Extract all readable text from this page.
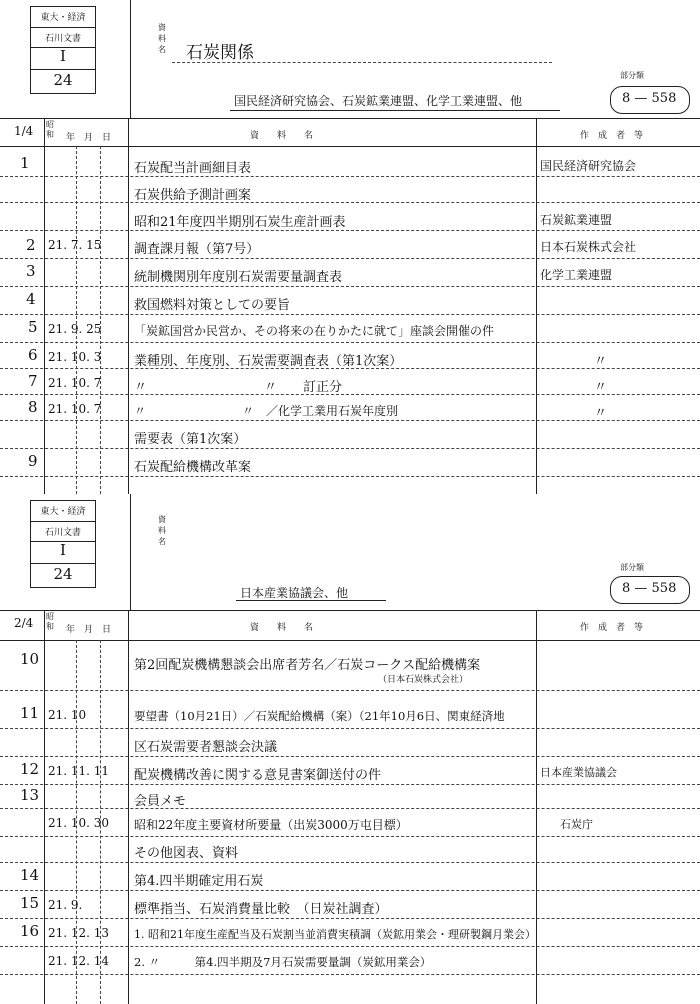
東大・経済
石川文書
I
24
資料名 石炭関係
国民経済研究協会、石炭鉱業連盟、化学工業連盟、他
部分類
8 — 558
1/4 昭和 年　月　日	資　　料　　名	作　成　者　等
1	石炭配当計画細目表	国民経済研究協会
石炭供給予測計画案
昭和21年度四半期別石炭生産計画表	石炭鉱業連盟
2 21. 7. 15	調査課月報（第7号）	日本石炭株式会社
3	統制機関別年度別石炭需要量調査表	化学工業連盟
4	救国燃料対策としての要旨
5 21. 9. 25	「炭鉱国営か民営か、その将来の在りかたに就て」座談会開催の件
6 21. 10. 3	業種別、年度別、石炭需要調査表（第1次案）	〃
7 21. 10. 7	〃　　　　　　　　　〃　　訂正分	〃
8 21. 10. 7	〃　　　　　　　　〃　／化学工業用石炭年度別	〃
需要表（第1次案）
9	石炭配給機構改革案
東大・経済
石川文書
I
24
資料名
日本産業協議会、他
部分類
8 — 558
2/4 昭和 年　月　日	資　　料　　名	作　成　者　等
10	第2回配炭機構懇談会出席者芳名／石炭コークス配給機構案
（日本石炭株式会社）
11 21. 10	要望書（10月21日）／石炭配給機構（案）（21年10月6日、関東経済地
区石炭需要者懇談会決議
12 21. 11. 11 配炭機構改善に関する意見書案御送付の件	日本産業協議会
13	会員メモ
21. 10. 30 昭和22年度主要資材所要量（出炭3000万屯目標）	石炭庁
その他図表、資料
14	第4.四半期確定用石炭
15 21. 9.	標準指当、石炭消費量比較　（日炭社調査）
16 21. 12. 13 1. 昭和21年度生産配当及石炭割当並消費実積調（炭鉱用業会・理研製鋼月業会）
21. 12. 14 2. 〃　　　第4.四半期及7月石炭需要量調（炭鉱用業会）
